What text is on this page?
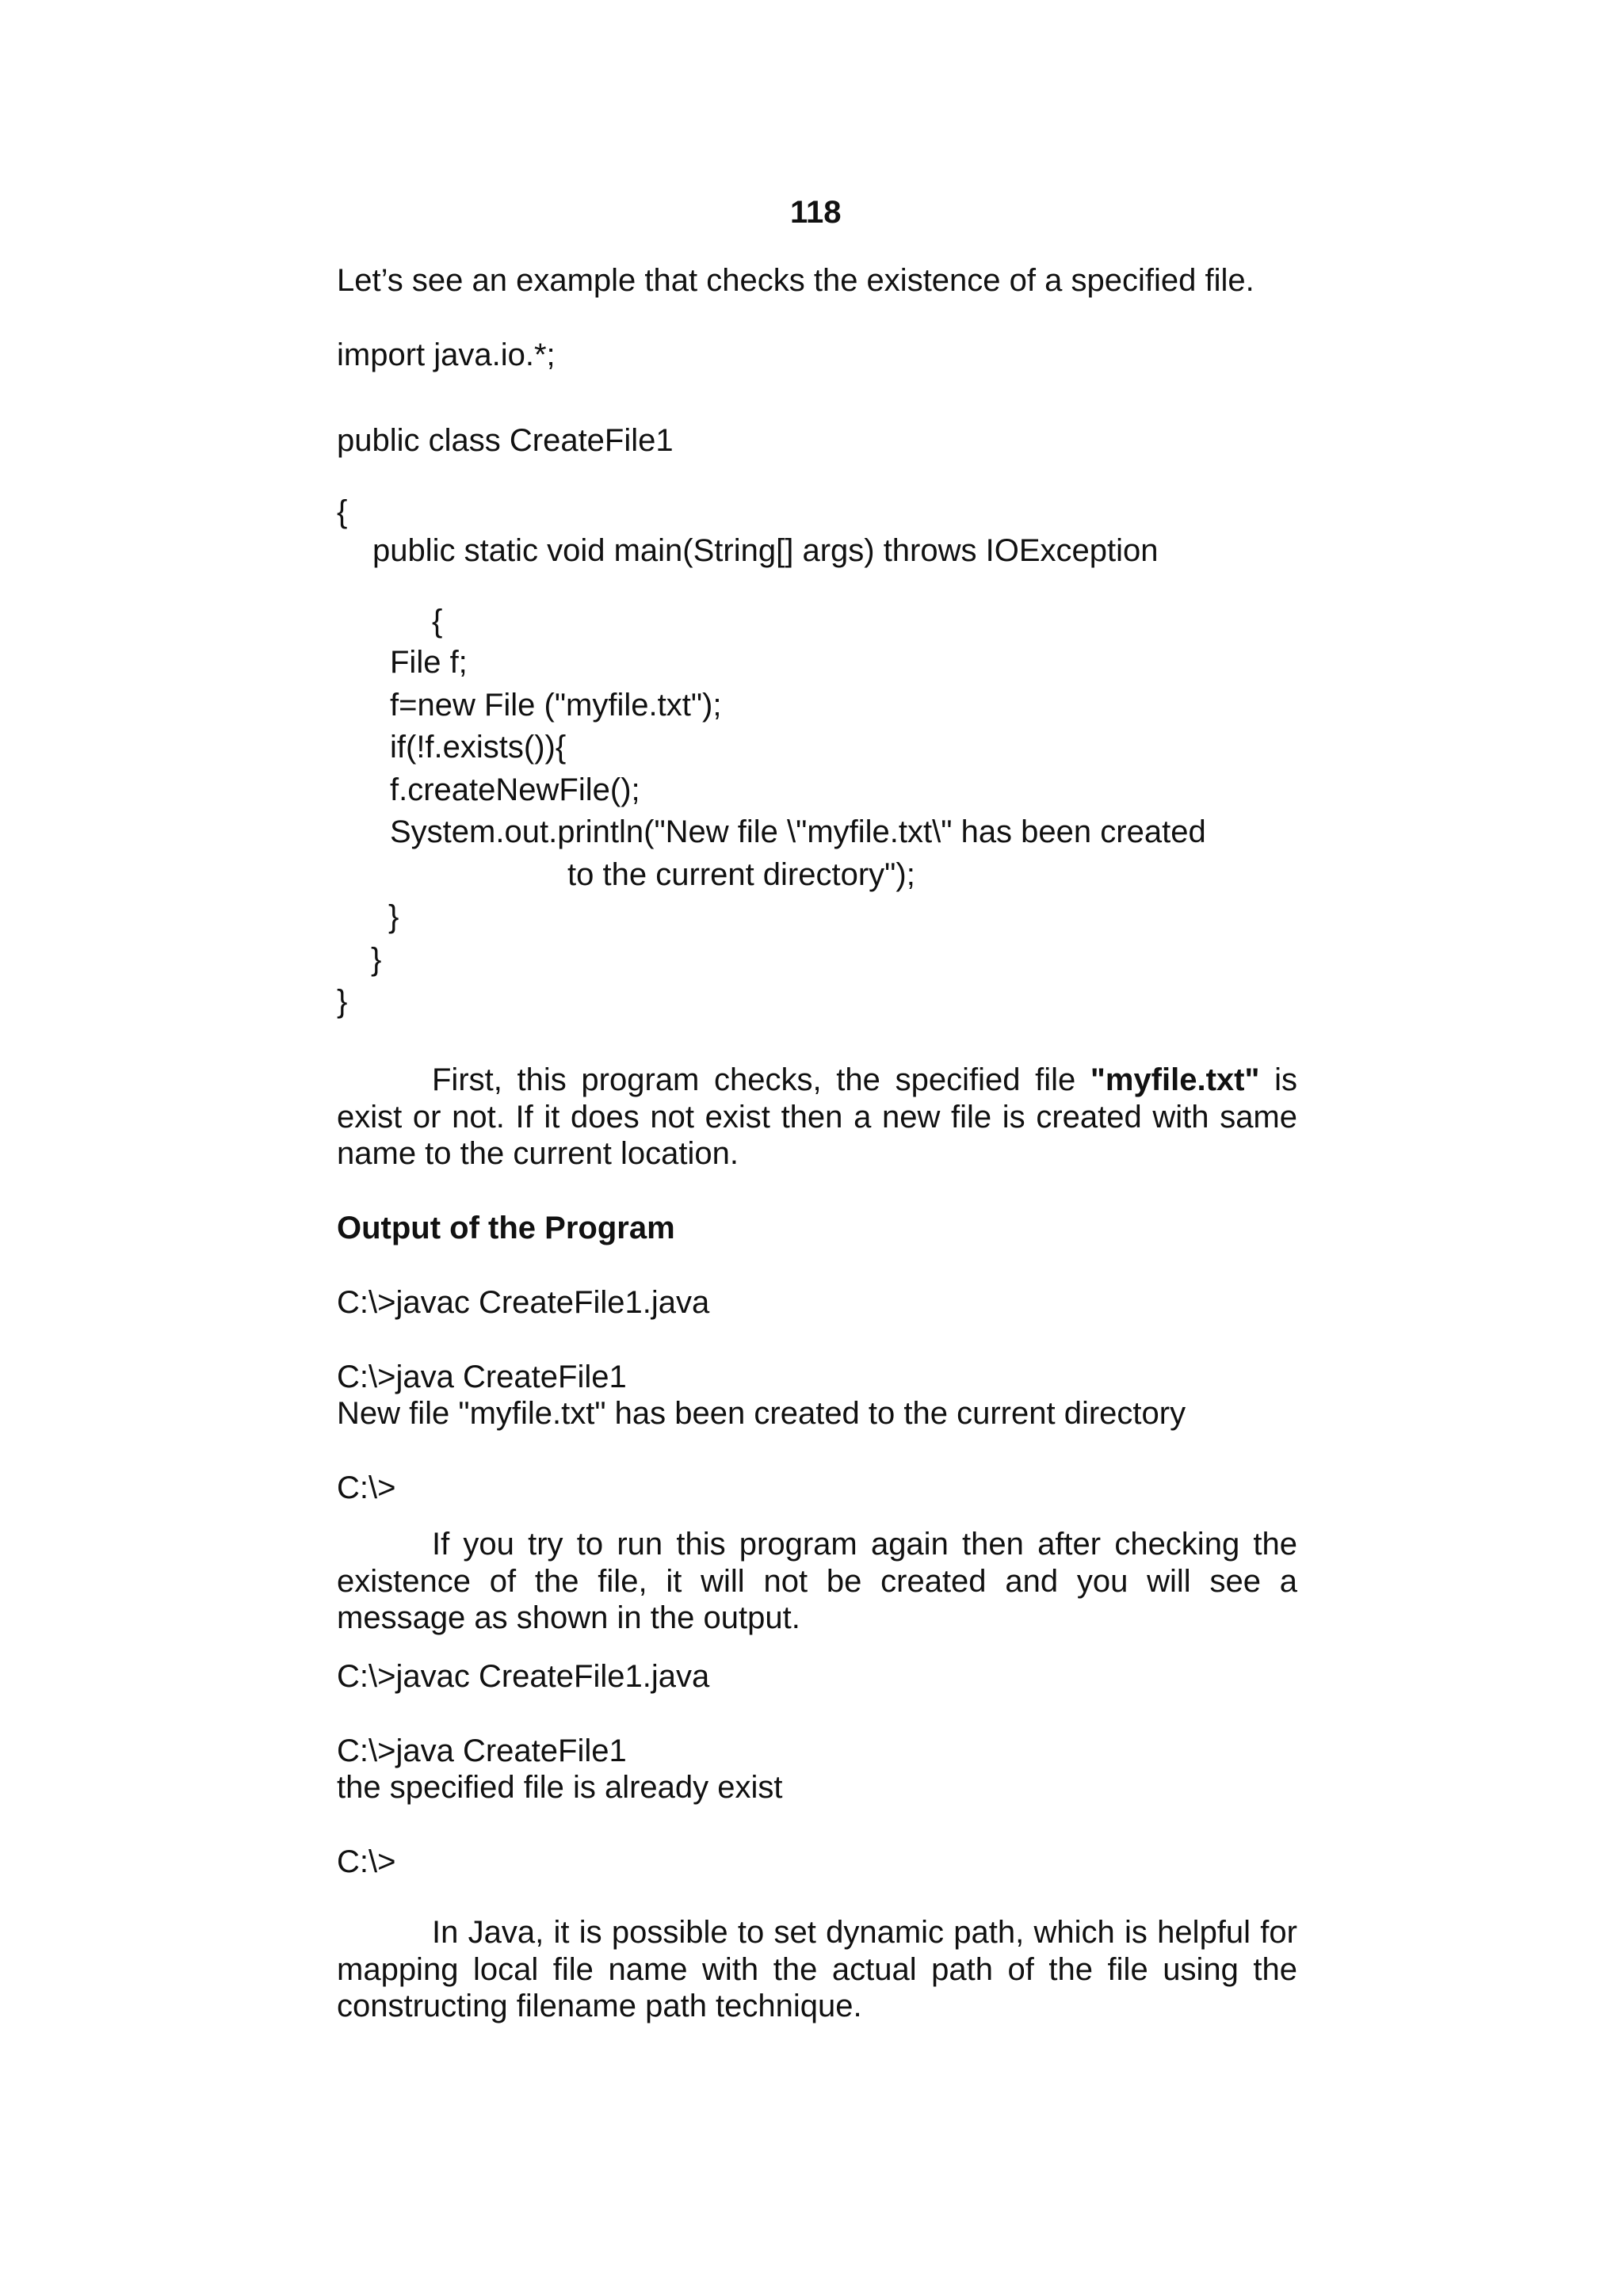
118
Let’s see an example that checks the existence of a specified file.
import java.io.*;
public class CreateFile1
{
public static void main(String[] args) throws IOException
{
File f;
f=new File ("myfile.txt");
if(!f.exists()){
f.createNewFile();
System.out.println("New file \"myfile.txt\" has been created
to the current directory");
}
}
}

First, this program checks, the specified file "myfile.txt" is exist or not. If it does not exist then a new file is created with same name to the current location.

Output of the Program
C:\>javac CreateFile1.java
C:\>java CreateFile1
New file "myfile.txt" has been created to the current directory
C:\>

If you try to run this program again then after checking the existence of the file, it will not be created and you will see a message as shown in the output.

C:\>javac CreateFile1.java
C:\>java CreateFile1
the specified file is already exist
C:\>

In Java, it is possible to set dynamic path, which is helpful for mapping local file name with the actual path of the file using the constructing filename path technique.
